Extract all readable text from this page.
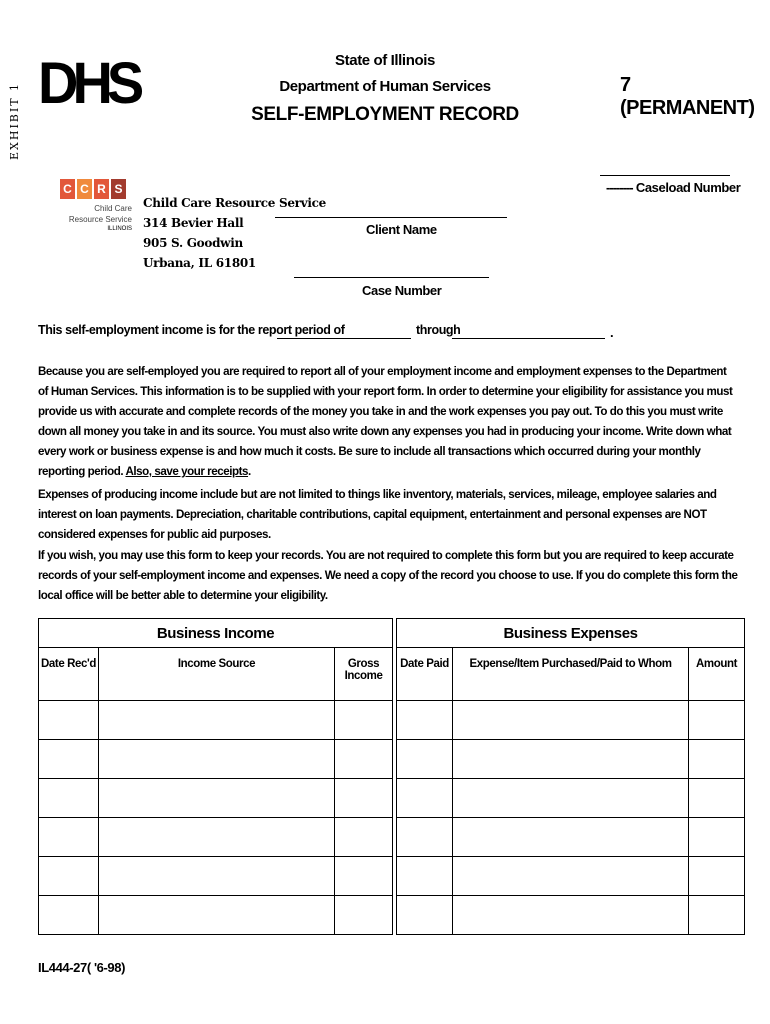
EXHIBIT 1 DHS	State of Illinois
Department of Human Services
SELF-EMPLOYMENT RECORD
7 (PERMANENT)
C C R S
Child Care
Resource Service
ILLINOIS
Child Care Resource Service
314 Bevier Hall
905 S. Goodwin
Urbana, IL 61801
-------- Caseload Number
Client Name
Case Number
This self-employment income is for the report period of	through	.
Because you are self-employed you are required to report all of your employment income and employment expenses to the Department of Human Services. This information is to be supplied with your report form. In order to determine your eligibility for assistance you must provide us with accurate and complete records of the money you take in and the work expenses you pay out. To do this you must write down all money you take in and its source. You must also write down any expenses you had in producing your income. Write down what every work or business expense is and how much it costs. Be sure to include all transactions which occurred during your monthly reporting period. Also, save your receipts.
Expenses of producing income include but are not limited to things like inventory, materials, services, mileage, employee salaries and interest on loan payments. Depreciation, charitable contributions, capital equipment, entertainment and personal expenses are NOT considered expenses for public aid purposes.
If you wish, you may use this form to keep your records. You are not required to complete this form but you are required to keep accurate records of your self-employment income and expenses. We need a copy of the record you choose to use. If you do complete this form the local office will be better able to determine your eligibility.
Business Income				Business Expenses		
Date Rec'd	Income Source	Gross Income		Date Paid	Expense/Item Purchased/Paid to Whom	Amount

IL444-27( '6-98)
